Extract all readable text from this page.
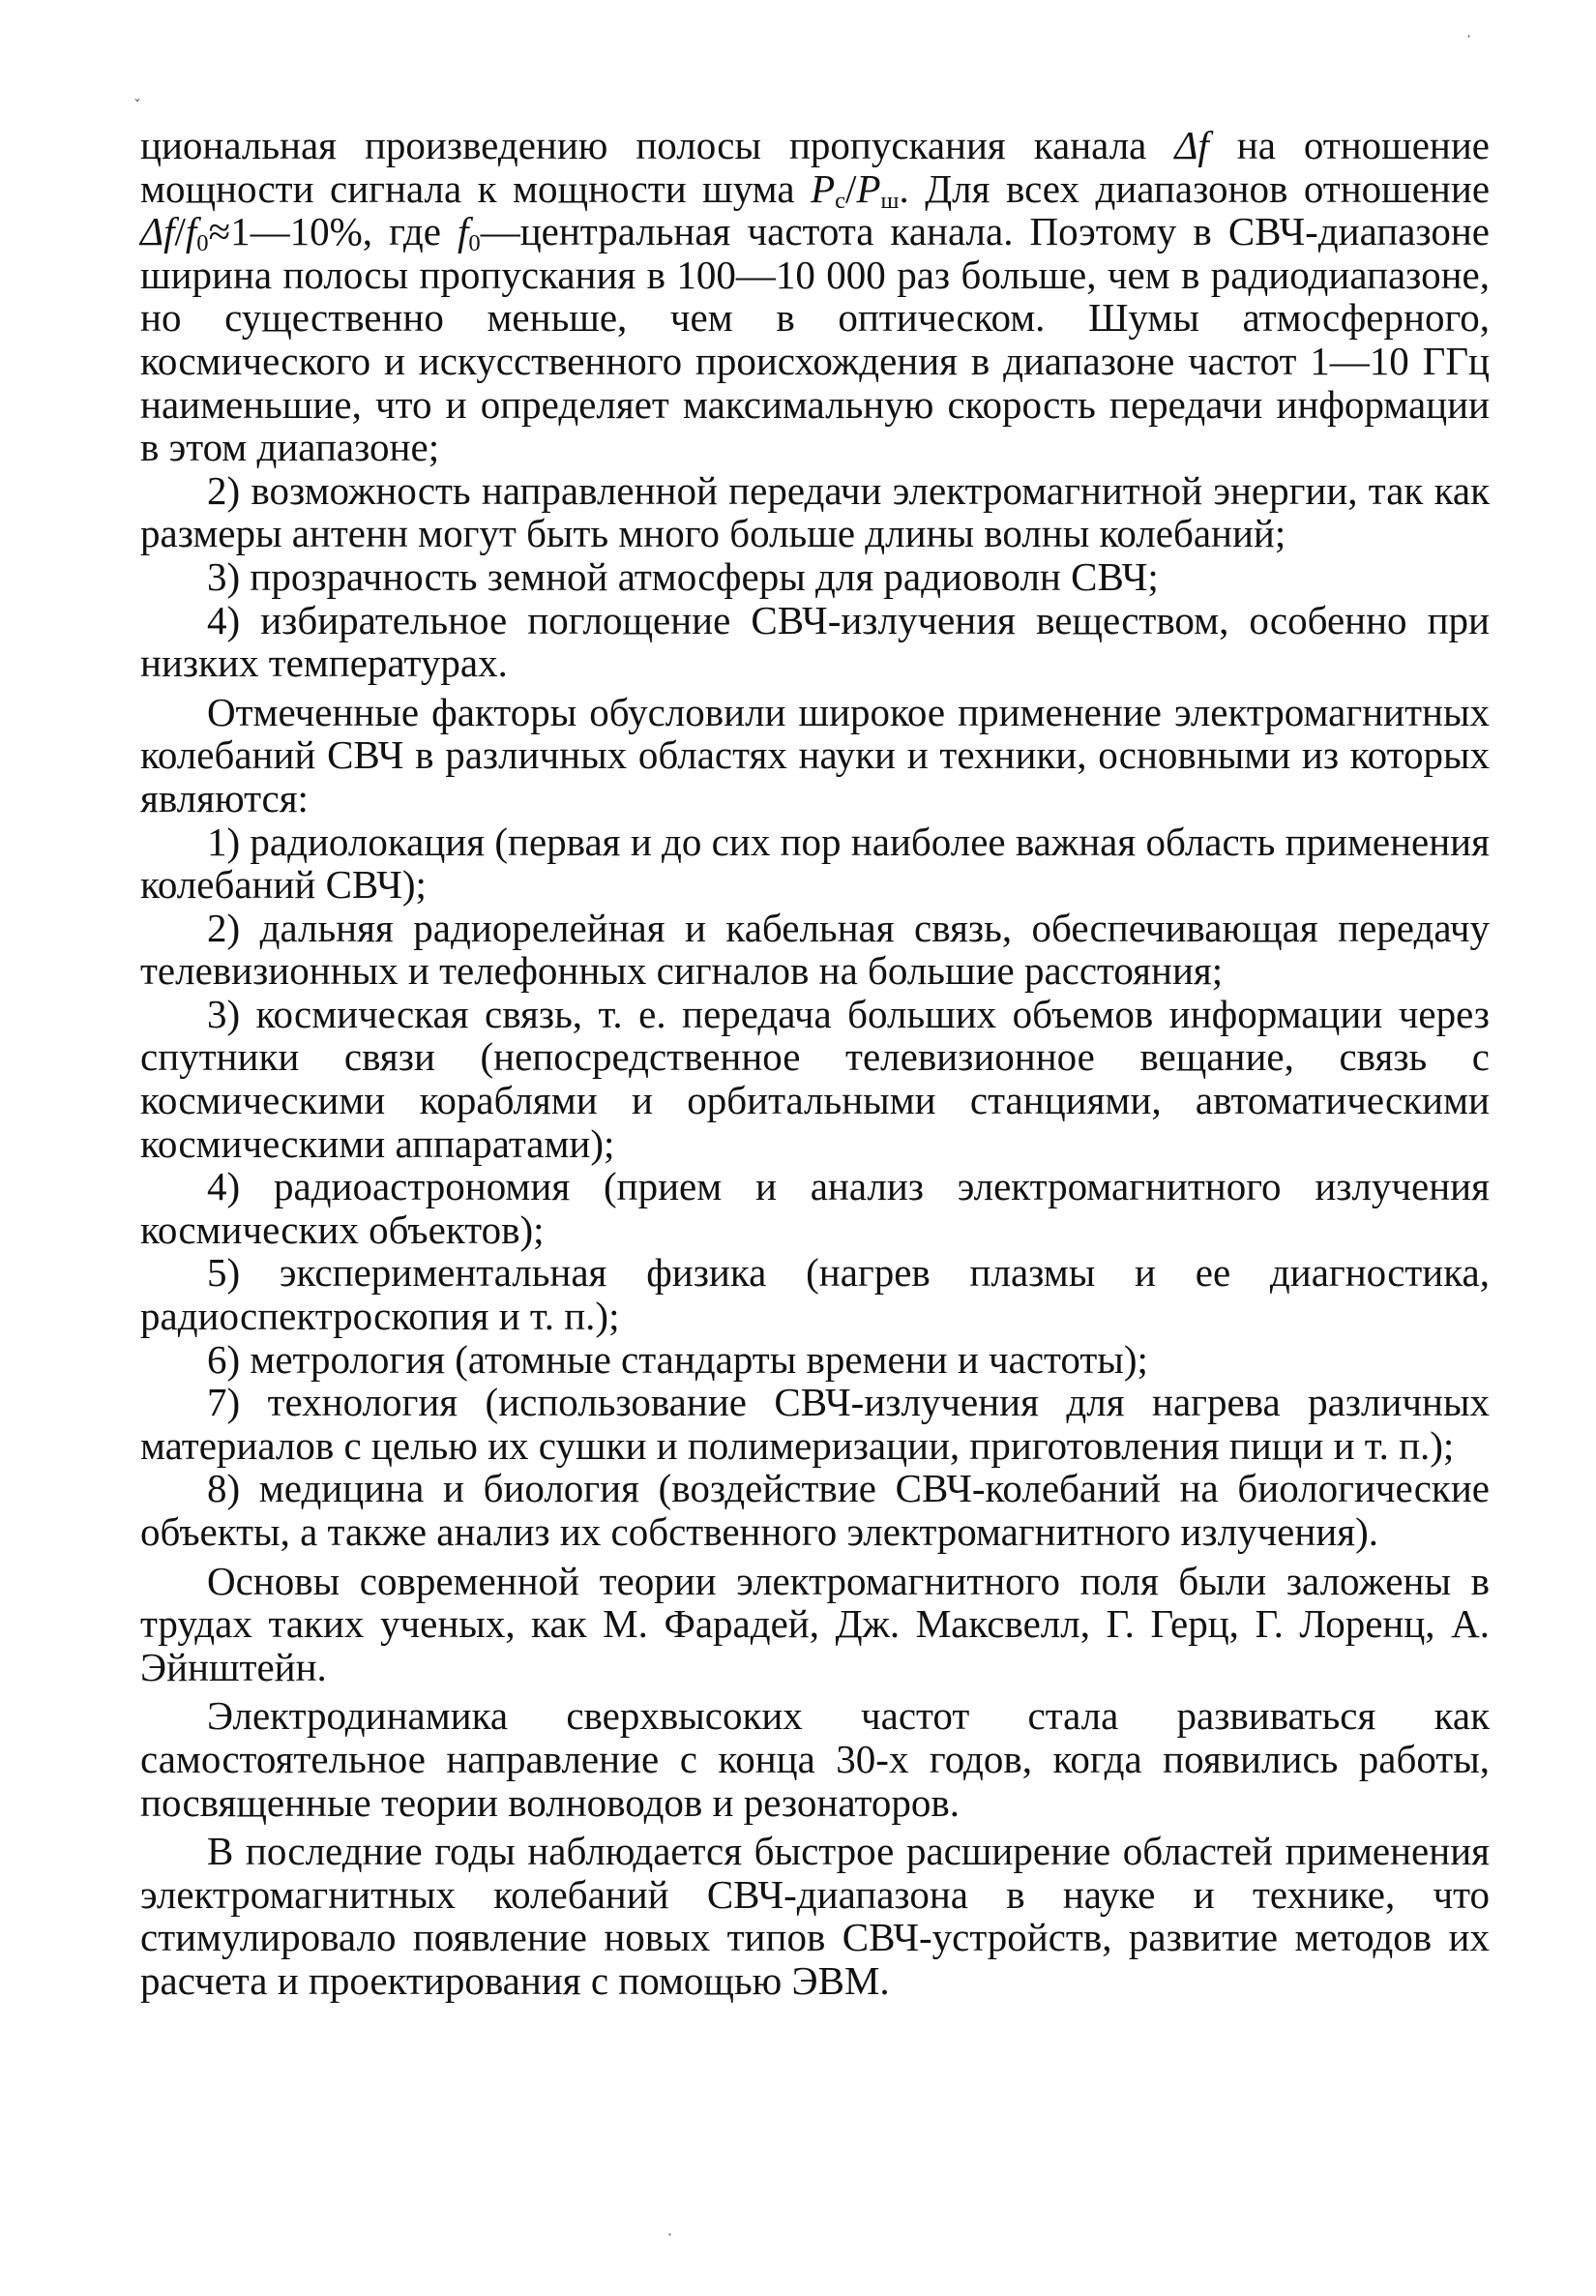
·
ˇ
·

циональная произведению полосы пропускания канала Δf на отношение мощности сигнала к мощности шума $P_c/P_ш$. Для всех диапазонов отношение $\Delta f/f_0\approx 1—10\%$, где $f_0—центральная$ частота канала. Поэтому в СВЧ-диапазоне ширина полосы пропускания в 100—10 000 раз больше, чем в радиодиапазоне, но существенно меньше, чем в оптическом. Шумы атмосферного, космического и искусственного происхождения в диапазоне частот 1—10 ГГц наименьшие, что и определяет максимальную скорость передачи информации в этом диапазоне;

2) возможность направленной передачи электромагнитной энергии, так как размеры антенн могут быть много больше длины волны колебаний;

3) прозрачность земной атмосферы для радиоволн СВЧ;

4) избирательное поглощение СВЧ-излучения веществом, особенно при низких температурах.

Отмеченные факторы обусловили широкое применение электромагнитных колебаний СВЧ в различных областях науки и техники, основными из которых являются:

1) радиолокация (первая и до сих пор наиболее важная область применения колебаний СВЧ);

2) дальняя радиорелейная и кабельная связь, обеспечивающая передачу телевизионных и телефонных сигналов на большие расстояния;

3) космическая связь, т. е. передача больших объемов информации через спутники связи (непосредственное телевизионное вещание, связь с космическими кораблями и орбитальными станциями, автоматическими космическими аппаратами);

4) радиоастрономия (прием и анализ электромагнитного излучения космических объектов);

5) экспериментальная физика (нагрев плазмы и ее диагностика, радиоспектроскопия и т. п.);

6) метрология (атомные стандарты времени и частоты);

7) технология (использование СВЧ-излучения для нагрева различных материалов с целью их сушки и полимеризации, приготовления пищи и т. п.);

8) медицина и биология (воздействие СВЧ-колебаний на биологические объекты, а также анализ их собственного электромагнитного излучения).

Основы современной теории электромагнитного поля были заложены в трудах таких ученых, как М. Фарадей, Дж. Максвелл, Г. Герц, Г. Лоренц, А. Эйнштейн.

Электродинамика сверхвысоких частот стала развиваться как самостоятельное направление с конца 30-х годов, когда появились работы, посвященные теории волноводов и резонаторов.

В последние годы наблюдается быстрое расширение областей применения электромагнитных колебаний СВЧ-диапазона в науке и технике, что стимулировало появление новых типов СВЧ-устройств, развитие методов их расчета и проектирования с помощью ЭВМ.
